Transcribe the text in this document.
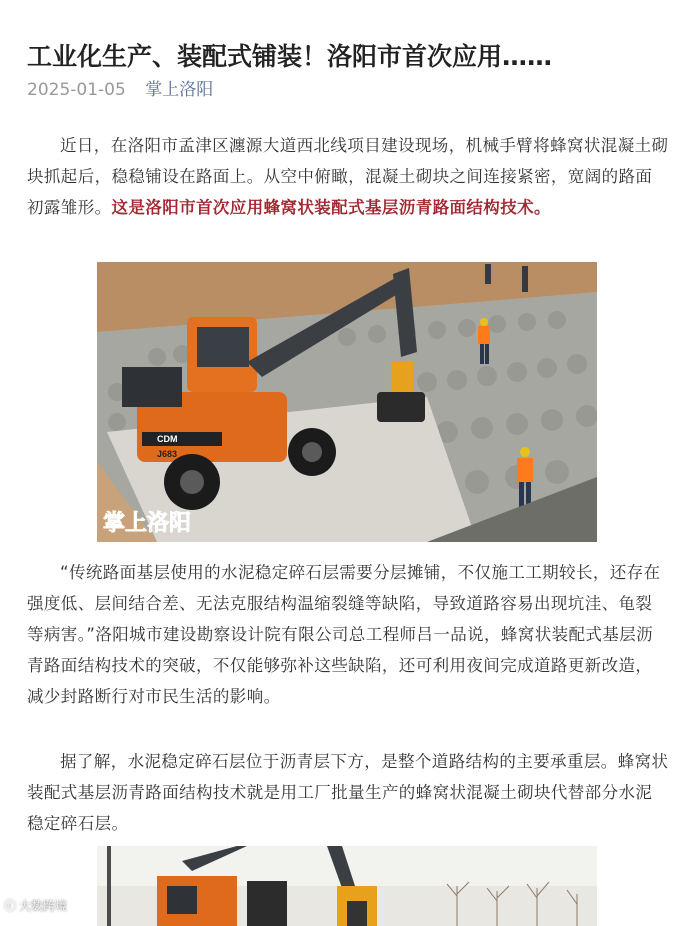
工业化生产、装配式铺装！洛阳市首次应用……
2025-01-05 掌上洛阳

近日，在洛阳市孟津区瀍源大道西北线项目建设现场，机械手臂将蜂窝状混凝土砌块抓起后，稳稳铺设在路面上。从空中俯瞰，混凝土砌块之间连接紧密，宽阔的路面初露雏形。这是洛阳市首次应用蜂窝状装配式基层沥青路面结构技术。

CDM
J683
掌上洛阳

“传统路面基层使用的水泥稳定碎石层需要分层摊铺，不仅施工工期较长，还存在强度低、层间结合差、无法克服结构温缩裂缝等缺陷，导致道路容易出现坑洼、龟裂等病害。”洛阳城市建设勘察设计院有限公司总工程师吕一品说，蜂窝状装配式基层沥青路面结构技术的突破，不仅能够弥补这些缺陷，还可利用夜间完成道路更新改造，减少封路断行对市民生活的影响。

据了解，水泥稳定碎石层位于沥青层下方，是整个道路结构的主要承重层。蜂窝状装配式基层沥青路面结构技术就是用工厂批量生产的蜂窝状混凝土砌块代替部分水泥稳定碎石层。

ⓒ 大数跨境
